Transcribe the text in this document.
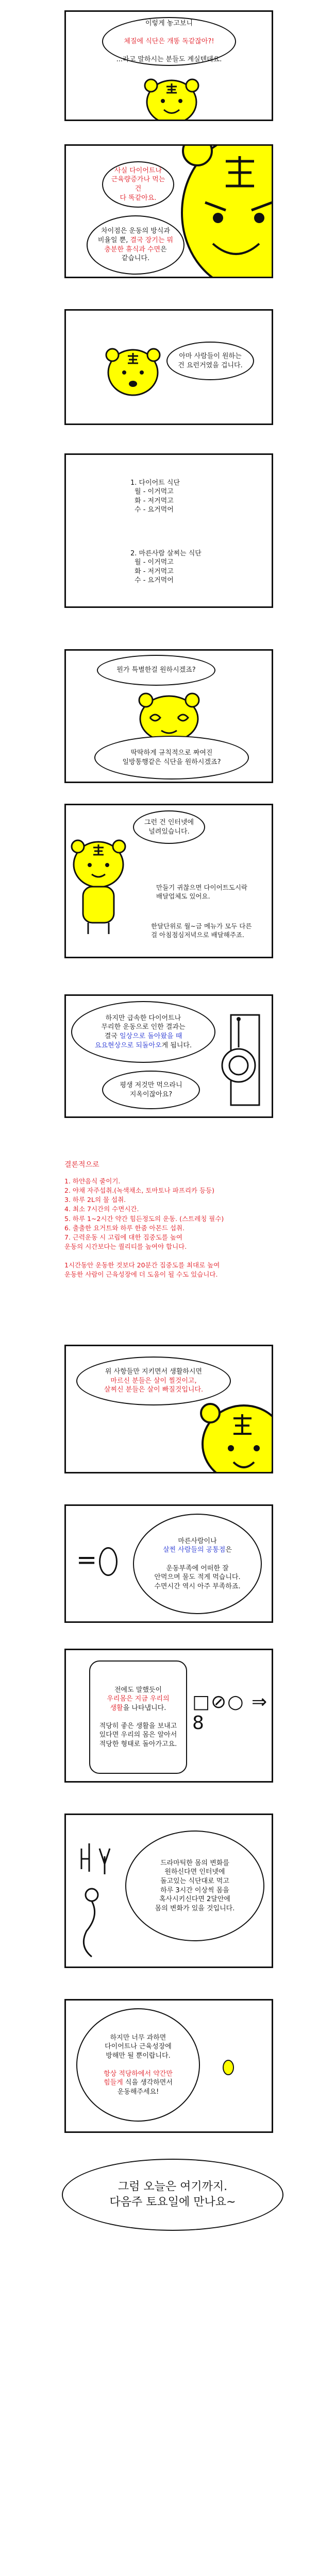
이렇게 놓고보니

체질에 식단은 개똥 독같잖아?!

...라고 말하시는 분들도 계실텐데요.
사실 다이어트나
근육량증가나 먹는 건
다 똑같아요.
차이점은 운동의 방식과
비율일 뿐, 결국 장기는 뭐
충분한 휴식과 수면은
같습니다.
아마 사람들이 원하는
건 요런거였을 겁니다.

1. 다이어트 식단

월 - 이거먹고
화 - 저거먹고
수 - 요거먹어

2. 마른사람 살찌는 식단

월 - 이거먹고
화 - 저거먹고
수 - 요거먹어

뭔가 특별한걸 원하시겠죠?
딱딱하게 규칙적으로 짜여진
일방통행같은 식단을 원하시겠죠?
그런 건 인터넷에
널려있습니다.

만들기 귀찮으면 다이어트도시락
배달업체도 있어요.

한달단위로 월~금 메뉴가 모두 다른
걸 아침점심저녁으로 배달해주죠.

하지만 급속한 다이어트나
무리한 운동으로 인한 결과는
결국 일상으로 돌아왔을 때
요요현상으로 되돌아오게 됩니다.
평생 저것만 먹으라니
지옥이잖아요?
결론적으로
1. 하얀음식 줄이기.
2. 야채 자주섭취.(녹색채소, 토마토나 파프리카 등등)
3. 하루 2L의 물 섭취.
4. 최소 7시간의 수면시간.
5. 하루 1~2시간 약간 힘든정도의 운동. (스트레칭 필수)
6. 출출한 요거트와 하루 한줌 아몬드 섭취.
7. 근력운동 시 고립에 대한 집중도를 높여
운동의 시간보다는 퀄리티를 높여야 합니다.
1시간동안 운동한 것보다 20분간 집중도를 최대로 높여
운동한 사람이 근육성장에 더 도움이 될 수도 있습니다.
위 사항들만 지키면서 생활하시면
마르신 분들은 살이 찔것이고,
살찌신 분들은 살이 빠질것입니다.
=
마른사람이나
살찐 사람들의 공통점은

운동부족에 어떠한 잘
안먹으며 물도 적게 먹습니다.
수면시간 역시 아주 부족하죠.
전에도 말했듯이
우리몸은 지금 우리의
생활을 나타냅니다.

적당히 좋은 생활을 보내고
있다면 우리의 몸은 알아서
적당한 형태로 돌아가고요.
□⊘○ ⇒ 8
드라마틱한 몸의 변화를
원하신다면 인터넷에
돌고있는 식단대로 먹고
하루 3시간 이상씩 몸을
혹사시키신다면 2달안에
몸의 변화가 있을 것입니다.
하지만 너무 과하면
다이어트나 근육성장에
방해만 될 뿐이랍니다.

항상 적당하에서 약간만
힘들게 식을 생각하면서
운동해주세요!
그럼 오늘은 여기까지.
다음주 토요일에 만나요~
